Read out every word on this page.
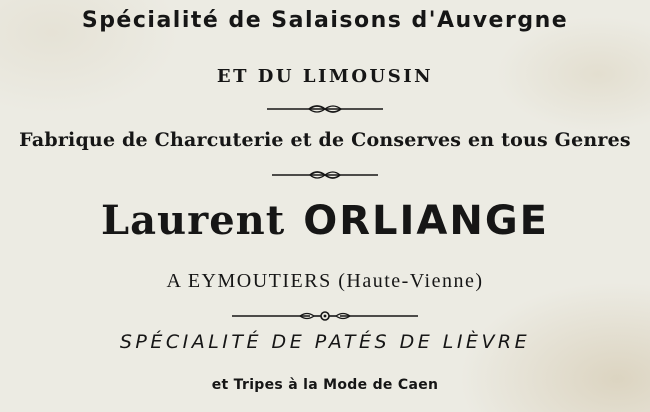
Spécialité de Salaisons d'Auvergne
ET DU LIMOUSIN
Fabrique de Charcuterie et de Conserves en tous Genres
Laurent ORLIANGE
A EYMOUTIERS (Haute-Vienne)
SPÉCIALITÉ DE PATÉS DE LIÈVRE
et Tripes à la Mode de Caen
